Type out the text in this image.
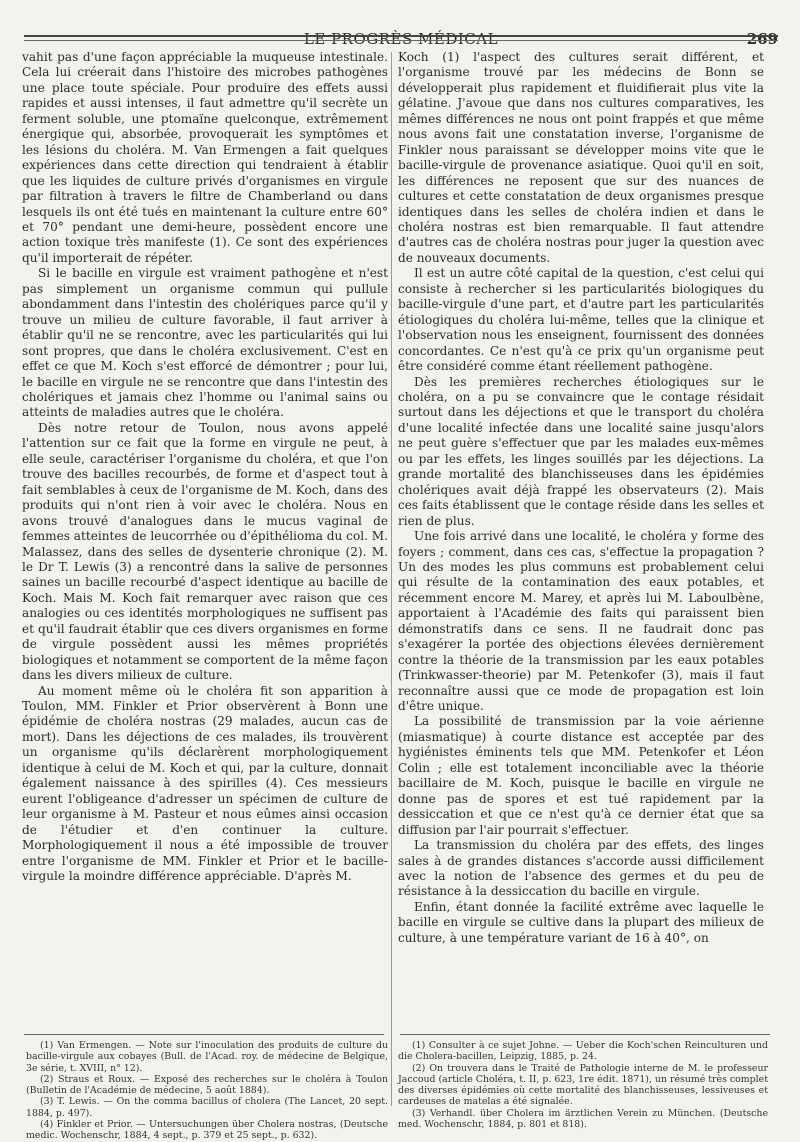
LE PROGRÈS MÉDICAL	269

vahit pas d'une façon appréciable la muqueuse intestinale. Cela lui créerait dans l'histoire des microbes pathogènes une place toute spéciale. Pour produire des effets aussi rapides et aussi intenses, il faut admettre qu'il secrète un ferment soluble, une ptomaïne quelconque, extrêmement énergique qui, absorbée, provoquerait les symptômes et les lésions du choléra. M. Van Ermengen a fait quelques expériences dans cette direction qui tendraient à établir que les liquides de culture privés d'organismes en virgule par filtration à travers le filtre de Chamberland ou dans lesquels ils ont été tués en maintenant la culture entre 60° et 70° pendant une demi-heure, possèdent encore une action toxique très manifeste (1). Ce sont des expériences qu'il importerait de répéter.

Si le bacille en virgule est vraiment pathogène et n'est pas simplement un organisme commun qui pullule abondamment dans l'intestin des cholériques parce qu'il y trouve un milieu de culture favorable, il faut arriver à établir qu'il ne se rencontre, avec les particularités qui lui sont propres, que dans le choléra exclusivement. C'est en effet ce que M. Koch s'est efforcé de démontrer ; pour lui, le bacille en virgule ne se rencontre que dans l'intestin des cholériques et jamais chez l'homme ou l'animal sains ou atteints de maladies autres que le choléra.

Dès notre retour de Toulon, nous avons appelé l'attention sur ce fait que la forme en virgule ne peut, à elle seule, caractériser l'organisme du choléra, et que l'on trouve des bacilles recourbés, de forme et d'aspect tout à fait semblables à ceux de l'organisme de M. Koch, dans des produits qui n'ont rien à voir avec le choléra. Nous en avons trouvé d'analogues dans le mucus vaginal de femmes atteintes de leucorrhée ou d'épithélioma du col. M. Malassez, dans des selles de dysenterie chronique (2). M. le Dr T. Lewis (3) a rencontré dans la salive de personnes saines un bacille recourbé d'aspect identique au bacille de Koch. Mais M. Koch fait remarquer avec raison que ces analogies ou ces identités morphologiques ne suffisent pas et qu'il faudrait établir que ces divers organismes en forme de virgule possèdent aussi les mêmes propriétés biologiques et notamment se comportent de la même façon dans les divers milieux de culture.

Au moment même où le choléra fit son apparition à Toulon, MM. Finkler et Prior observèrent à Bonn une épidémie de choléra nostras (29 malades, aucun cas de mort). Dans les déjections de ces malades, ils trouvèrent un organisme qu'ils déclarèrent morphologiquement identique à celui de M. Koch et qui, par la culture, donnait également naissance à des spirilles (4). Ces messieurs eurent l'obligeance d'adresser un spécimen de culture de leur organisme à M. Pasteur et nous eûmes ainsi occasion de l'étudier et d'en continuer la culture. Morphologiquement il nous a été impossible de trouver entre l'organisme de MM. Finkler et Prior et le bacille-virgule la moindre différence appréciable. D'après M.

Koch (1) l'aspect des cultures serait différent, et l'organisme trouvé par les médecins de Bonn se développerait plus rapidement et fluidifierait plus vite la gélatine. J'avoue que dans nos cultures comparatives, les mêmes différences ne nous ont point frappés et que même nous avons fait une constatation inverse, l'organisme de Finkler nous paraissant se développer moins vite que le bacille-virgule de provenance asiatique. Quoi qu'il en soit, les différences ne reposent que sur des nuances de cultures et cette constatation de deux organismes presque identiques dans les selles de choléra indien et dans le choléra nostras est bien remarquable. Il faut attendre d'autres cas de choléra nostras pour juger la question avec de nouveaux documents.

Il est un autre côté capital de la question, c'est celui qui consiste à rechercher si les particularités biologiques du bacille-virgule d'une part, et d'autre part les particularités étiologiques du choléra lui-même, telles que la clinique et l'observation nous les enseignent, fournissent des données concordantes. Ce n'est qu'à ce prix qu'un organisme peut être considéré comme étant réellement pathogène.

Dès les premières recherches étiologiques sur le choléra, on a pu se convaincre que le contage résidait surtout dans les déjections et que le transport du choléra d'une localité infectée dans une localité saine jusqu'alors ne peut guère s'effectuer que par les malades eux-mêmes ou par les effets, les linges souillés par les déjections. La grande mortalité des blanchisseuses dans les épidémies cholériques avait déjà frappé les observateurs (2). Mais ces faits établissent que le contage réside dans les selles et rien de plus.

Une fois arrivé dans une localité, le choléra y forme des foyers ; comment, dans ces cas, s'effectue la propagation ? Un des modes les plus communs est probablement celui qui résulte de la contamination des eaux potables, et récemment encore M. Marey, et après lui M. Laboulbène, apportaient à l'Académie des faits qui paraissent bien démonstratifs dans ce sens. Il ne faudrait donc pas s'exagérer la portée des objections élevées dernièrement contre la théorie de la transmission par les eaux potables (Trinkwasser-theorie) par M. Petenkofer (3), mais il faut reconnaître aussi que ce mode de propagation est loin d'être unique.

La possibilité de transmission par la voie aérienne (miasmatique) à courte distance est acceptée par des hygiénistes éminents tels que MM. Petenkofer et Léon Colin ; elle est totalement inconciliable avec la théorie bacillaire de M. Koch, puisque le bacille en virgule ne donne pas de spores et est tué rapidement par la dessiccation et que ce n'est qu'à ce dernier état que sa diffusion par l'air pourrait s'effectuer.

La transmission du choléra par des effets, des linges sales à de grandes distances s'accorde aussi difficilement avec la notion de l'absence des germes et du peu de résistance à la dessiccation du bacille en virgule.

Enfin, étant donnée la facilité extrême avec laquelle le bacille en virgule se cultive dans la plupart des milieux de culture, à une température variant de 16 à 40°, on

(1) Van Ermengen. — Note sur l'inoculation des produits de culture du bacille-virgule aux cobayes (Bull. de l'Acad. roy. de médecine de Belgique, 3e série, t. XVIII, n° 12).

(2) Straus et Roux. — Exposé des recherches sur le choléra à Toulon (Bulletin de l'Académie de médecine, 5 août 1884).

(3) T. Lewis. — On the comma bacillus of cholera (The Lancet, 20 sept. 1884, p. 497).

(4) Finkler et Prior. — Untersuchungen über Cholera nostras, (Deutsche medic. Wochenschr, 1884, 4 sept., p. 379 et 25 sept., p. 632).

(1) Consulter à ce sujet Johne. — Ueber die Koch'schen Reinculturen und die Cholera-bacillen, Leipzig, 1885, p. 24.

(2) On trouvera dans le Traité de Pathologie interne de M. le professeur Jaccoud (article Choléra, t. II, p. 623, 1re édit. 1871), un résumé très complet des diverses épidémies où cette mortalité des blanchisseuses, lessiveuses et cardeuses de matelas a été signalée.

(3) Verhandl. über Cholera im ärztlichen Verein zu München. (Deutsche med. Wochenschr, 1884, p. 801 et 818).
